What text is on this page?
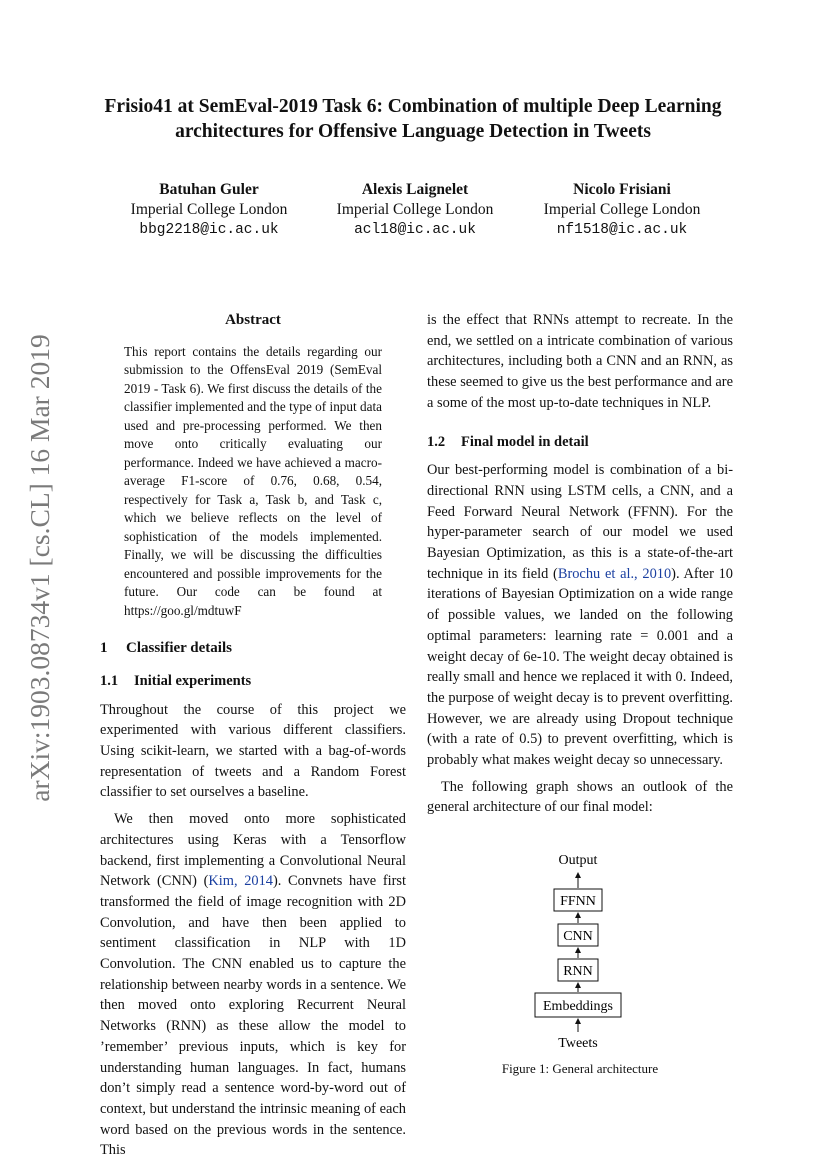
Frisio41 at SemEval-2019 Task 6: Combination of multiple Deep Learning
architectures for Offensive Language Detection in Tweets
Batuhan Guler
Imperial College London
bbg2218@ic.ac.uk
Alexis Laignelet
Imperial College London
acl18@ic.ac.uk
Nicolo Frisiani
Imperial College London
nf1518@ic.ac.uk
arXiv:1903.08734v1 [cs.CL] 16 Mar 2019
Abstract

This report contains the details regarding our submission to the OffensEval 2019 (SemEval 2019 - Task 6). We first discuss the details of the classifier implemented and the type of input data used and pre-processing performed. We then move onto critically evaluating our performance. Indeed we have achieved a macro-average F1-score of 0.76, 0.68, 0.54, respectively for Task a, Task b, and Task c, which we believe reflects on the level of sophistication of the models implemented. Finally, we will be discussing the difficulties encountered and possible improvements for the future. Our code can be found at https://goo.gl/mdtuwF

1 Classifier details
1.1 Initial experiments

Throughout the course of this project we experimented with various different classifiers. Using scikit-learn, we started with a bag-of-words representation of tweets and a Random Forest classifier to set ourselves a baseline.

We then moved onto more sophisticated architectures using Keras with a Tensorflow backend, first implementing a Convolutional Neural Network (CNN) (Kim, 2014). Convnets have first transformed the field of image recognition with 2D Convolution, and have then been applied to sentiment classification in NLP with 1D Convolution. The CNN enabled us to capture the relationship between nearby words in a sentence. We then moved onto exploring Recurrent Neural Networks (RNN) as these allow the model to ’remember’ previous inputs, which is key for understanding human languages. In fact, humans don’t simply read a sentence word-by-word out of context, but understand the intrinsic meaning of each word based on the previous words in the sentence. This

is the effect that RNNs attempt to recreate. In the end, we settled on a intricate combination of various architectures, including both a CNN and an RNN, as these seemed to give us the best performance and are a some of the most up-to-date techniques in NLP.

1.2 Final model in detail

Our best-performing model is combination of a bi-directional RNN using LSTM cells, a CNN, and a Feed Forward Neural Network (FFNN). For the hyper-parameter search of our model we used Bayesian Optimization, as this is a state-of-the-art technique in its field (Brochu et al., 2010). After 10 iterations of Bayesian Optimization on a wide range of possible values, we landed on the following optimal parameters: learning rate = 0.001 and a weight decay of 6e-10. The weight decay obtained is really small and hence we replaced it with 0. Indeed, the purpose of weight decay is to prevent overfitting. However, we are already using Dropout technique (with a rate of 0.5) to prevent overfitting, which is probably what makes weight decay so unnecessary.

The following graph shows an outlook of the general architecture of our final model:

Output
FFNN
CNN
RNN
Embeddings
Tweets
Figure 1: General architecture
